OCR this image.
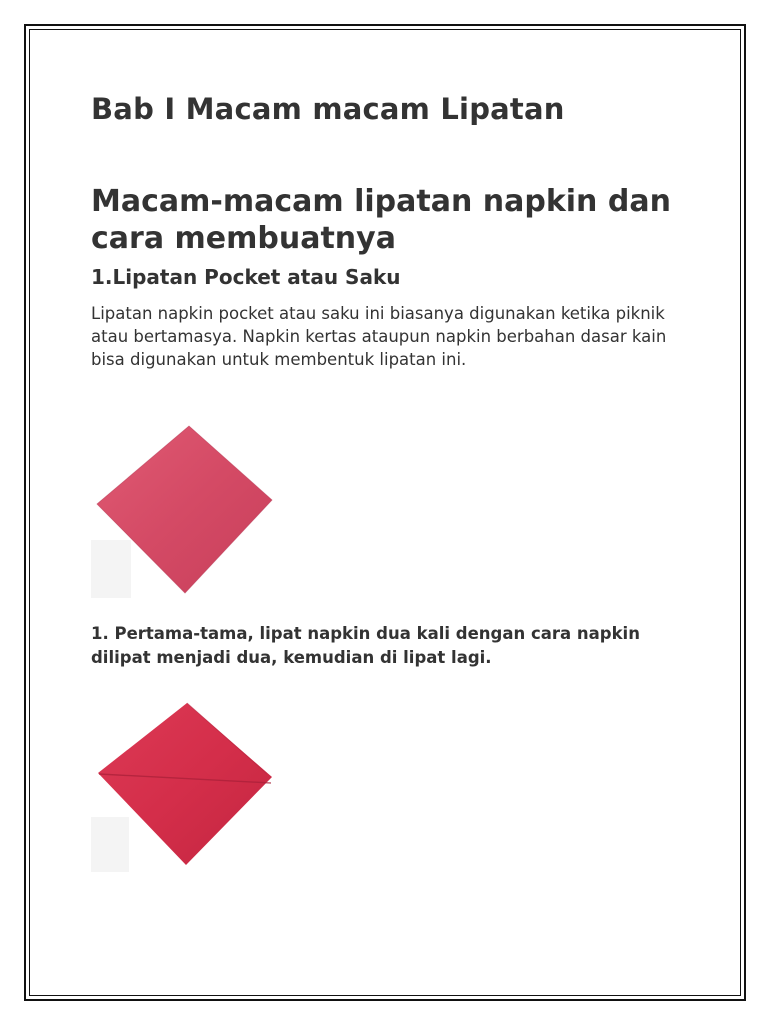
Bab I Macam macam Lipatan
Macam-macam lipatan napkin dan cara membuatnya
1.Lipatan Pocket atau Saku

Lipatan napkin pocket atau saku ini biasanya digunakan ketika piknik atau bertamasya. Napkin kertas ataupun napkin berbahan dasar kain bisa digunakan untuk membentuk lipatan ini.

1. Pertama-tama, lipat napkin dua kali dengan cara napkin dilipat menjadi dua, kemudian di lipat lagi.
